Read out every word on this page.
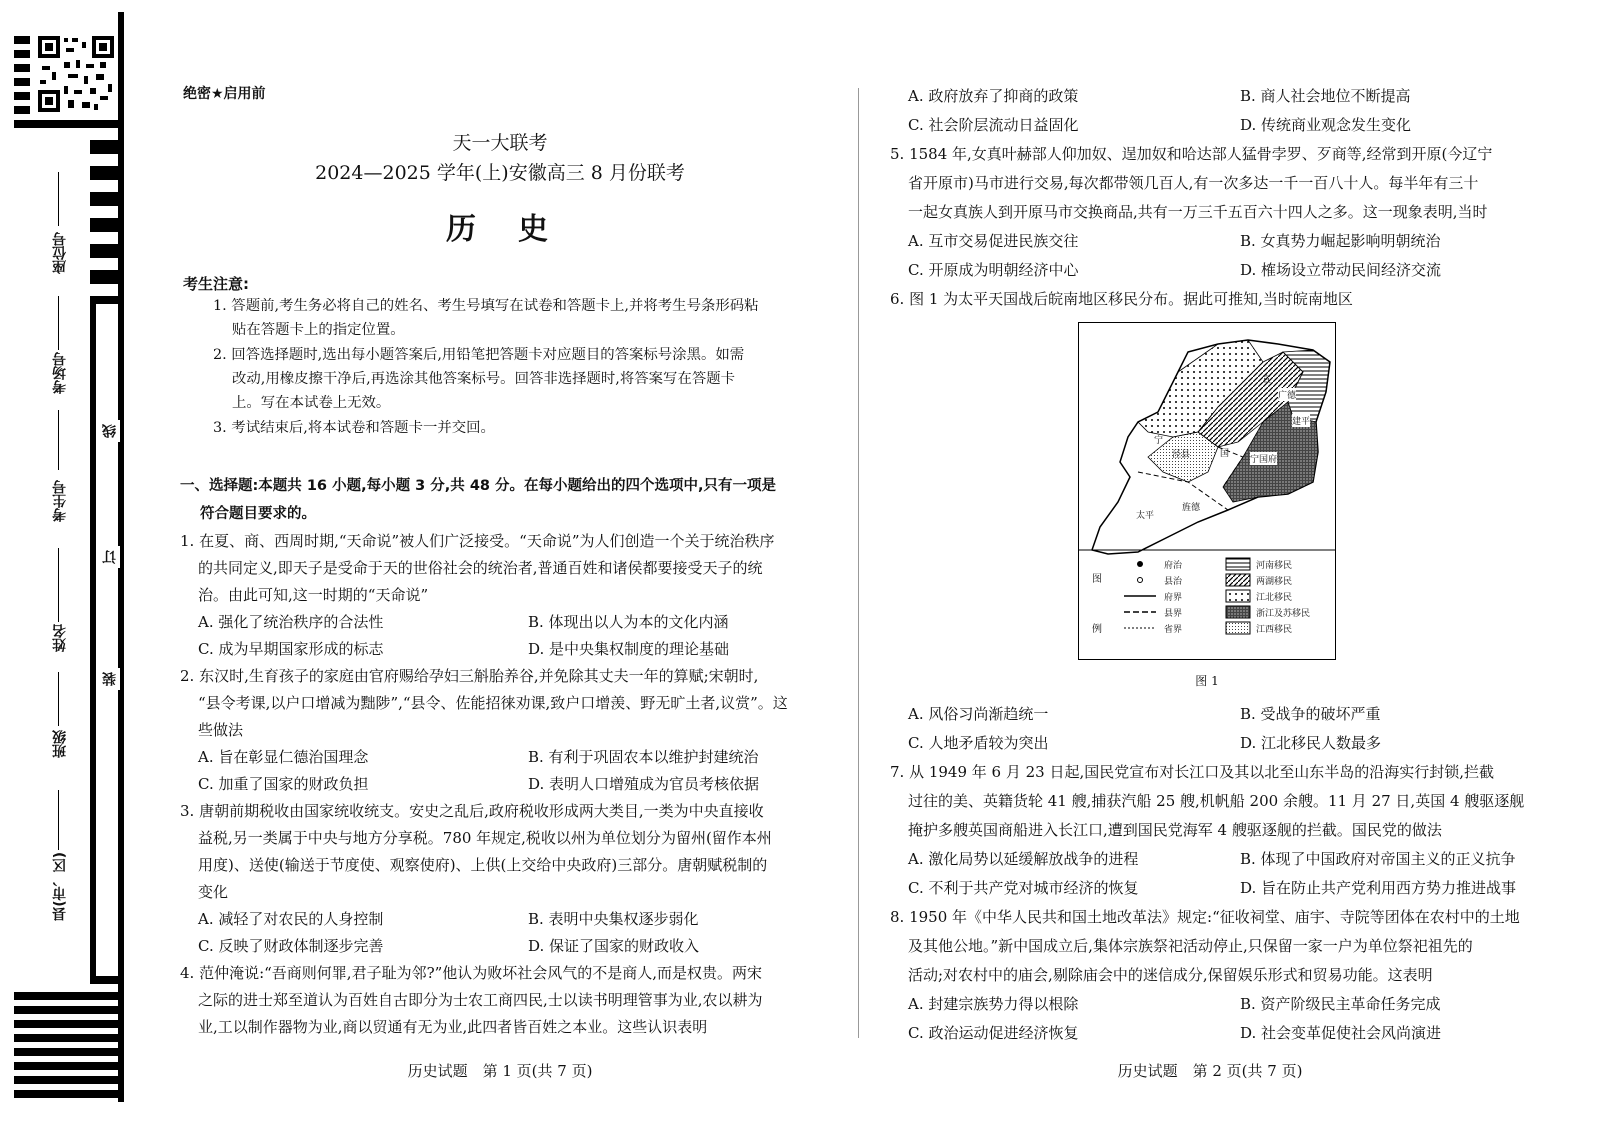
座位号
考场号
考生号
姓名
班级
县(市、区)
线
订
装
绝密★启用前
天一大联考
2024—2025 学年(上)安徽高三 8 月份联考
历　史
考生注意:
1. 答题前,考生务必将自己的姓名、考生号填写在试卷和答题卡上,并将考生号条形码粘
贴在答题卡上的指定位置。
2. 回答选择题时,选出每小题答案后,用铅笔把答题卡对应题目的答案标号涂黑。如需
改动,用橡皮擦干净后,再选涂其他答案标号。回答非选择题时,将答案写在答题卡
上。写在本试卷上无效。
3. 考试结束后,将本试卷和答题卡一并交回。
一、选择题:本题共 16 小题,每小题 3 分,共 48 分。在每小题给出的四个选项中,只有一项是
符合题目要求的。
1. 在夏、商、西周时期,“天命说”被人们广泛接受。“天命说”为人们创造一个关于统治秩序
的共同定义,即天子是受命于天的世俗社会的统治者,普通百姓和诸侯都要接受天子的统
治。由此可知,这一时期的“天命说”
A. 强化了统治秩序的合法性	B. 体现出以人为本的文化内涵
C. 成为早期国家形成的标志	D. 是中央集权制度的理论基础
2. 东汉时,生育孩子的家庭由官府赐给孕妇三斛胎养谷,并免除其丈夫一年的算赋;宋朝时,
“县令考课,以户口增减为黜陟”,“县令、佐能招徕劝课,致户口增羡、野无旷土者,议赏”。这
些做法
A. 旨在彰显仁德治国理念	B. 有利于巩固农本以维护封建统治
C. 加重了国家的财政负担	D. 表明人口增殖成为官员考核依据
3. 唐朝前期税收由国家统收统支。安史之乱后,政府税收形成两大类目,一类为中央直接收
益税,另一类属于中央与地方分享税。780 年规定,税收以州为单位划分为留州(留作本州
用度)、送使(输送于节度使、观察使府)、上供(上交给中央政府)三部分。唐朝赋税制的
变化
A. 减轻了对农民的人身控制	B. 表明中央集权逐步弱化
C. 反映了财政体制逐步完善	D. 保证了国家的财政收入
4. 范仲淹说:“吾商则何罪,君子耻为邻?”他认为败坏社会风气的不是商人,而是权贵。两宋
之际的进士郑至道认为百姓自古即分为士农工商四民,士以读书明理管事为业,农以耕为
业,工以制作器物为业,商以贸通有无为业,此四者皆百姓之本业。这些认识表明
历史试题　第 1 页(共 7 页)
A. 政府放弃了抑商的政策	B. 商人社会地位不断提高
C. 社会阶层流动日益固化	D. 传统商业观念发生变化
5. 1584 年,女真叶赫部人仰加奴、逞加奴和哈达部人猛骨孛罗、歹商等,经常到开原(今辽宁
省开原市)马市进行交易,每次都带领几百人,有一次多达一千一百八十人。每半年有三十
一起女真族人到开原马市交换商品,共有一万三千五百六十四人之多。这一现象表明,当时
A. 互市交易促进民族交往	B. 女真势力崛起影响明朝统治
C. 开原成为明朝经济中心	D. 榷场设立带动民间经济交流
6. 图 1 为太平天国战后皖南地区移民分布。据此可推知,当时皖南地区
宁
泾县	国
宣
广德
建平
太平
旌德
宁国府
图
例
府治
县治
府界
县界
省界
河南移民
两湖移民
江北移民
浙江及苏移民
江西移民
图 1
A. 风俗习尚渐趋统一	B. 受战争的破坏严重
C. 人地矛盾较为突出	D. 江北移民人数最多
7. 从 1949 年 6 月 23 日起,国民党宣布对长江口及其以北至山东半岛的沿海实行封锁,拦截
过往的美、英籍货轮 41 艘,捕获汽船 25 艘,机帆船 200 余艘。11 月 27 日,英国 4 艘驱逐舰
掩护多艘英国商船进入长江口,遭到国民党海军 4 艘驱逐舰的拦截。国民党的做法
A. 激化局势以延缓解放战争的进程	B. 体现了中国政府对帝国主义的正义抗争
C. 不利于共产党对城市经济的恢复	D. 旨在防止共产党利用西方势力推进战事
8. 1950 年《中华人民共和国土地改革法》规定:“征收祠堂、庙宇、寺院等团体在农村中的土地
及其他公地。”新中国成立后,集体宗族祭祀活动停止,只保留一家一户为单位祭祀祖先的
活动;对农村中的庙会,剔除庙会中的迷信成分,保留娱乐形式和贸易功能。这表明
A. 封建宗族势力得以根除	B. 资产阶级民主革命任务完成
C. 政治运动促进经济恢复	D. 社会变革促使社会风尚演进
历史试题　第 2 页(共 7 页)
